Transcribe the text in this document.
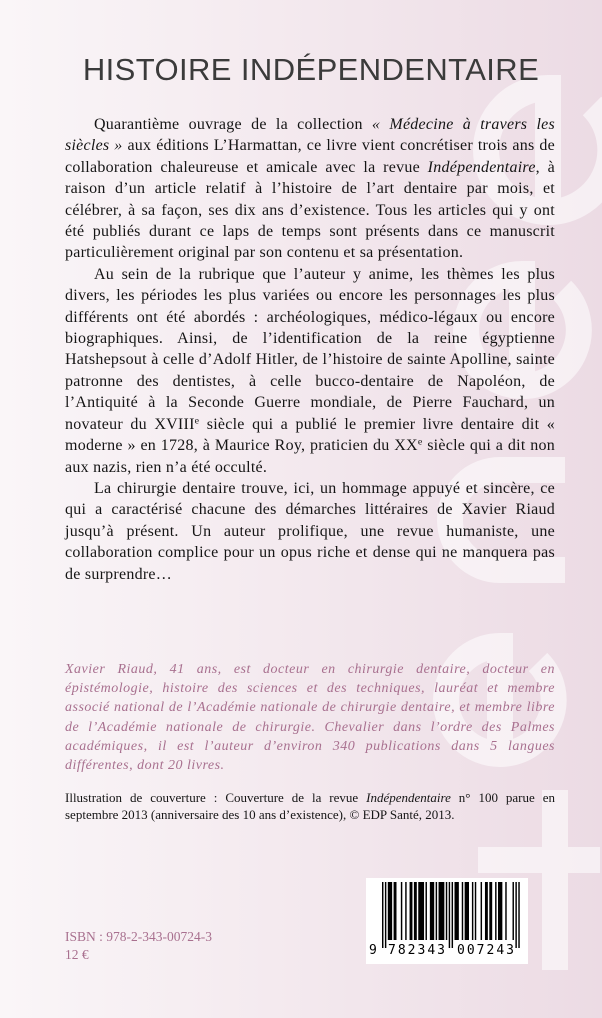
HISTOIRE INDÉPENDENTAIRE

Quarantième ouvrage de la collection « Médecine à travers les siècles » aux éditions L’Harmattan, ce livre vient concrétiser trois ans de collaboration chaleureuse et amicale avec la revue Indépendentaire, à raison d’un article relatif à l’histoire de l’art dentaire par mois, et célébrer, à sa façon, ses dix ans d’existence. Tous les articles qui y ont été publiés durant ce laps de temps sont présents dans ce manuscrit particulièrement original par son contenu et sa présentation.

Au sein de la rubrique que l’auteur y anime, les thèmes les plus divers, les périodes les plus variées ou encore les personnages les plus différents ont été abordés : archéologiques, médico-légaux ou encore biographiques. Ainsi, de l’identification de la reine égyptienne Hatshepsout à celle d’Adolf Hitler, de l’histoire de sainte Apolline, sainte patronne des dentistes, à celle bucco-dentaire de Napoléon, de l’Antiquité à la Seconde Guerre mondiale, de Pierre Fauchard, un novateur du XVIIIe siècle qui a publié le premier livre dentaire dit « moderne » en 1728, à Maurice Roy, praticien du XXe siècle qui a dit non aux nazis, rien n’a été occulté.

La chirurgie dentaire trouve, ici, un hommage appuyé et sincère, ce qui a caractérisé chacune des démarches littéraires de Xavier Riaud jusqu’à présent. Un auteur prolifique, une revue humaniste, une collaboration complice pour un opus riche et dense qui ne manquera pas de surprendre…

Xavier Riaud, 41 ans, est docteur en chirurgie dentaire, docteur en épistémologie, histoire des sciences et des techniques, lauréat et membre associé national de l’Académie nationale de chirurgie dentaire, et membre libre de l’Académie nationale de chirurgie. Chevalier dans l’ordre des Palmes académiques, il est l’auteur d’environ 340 publications dans 5 langues différentes, dont 20 livres.

Illustration de couverture : Couverture de la revue Indépendentaire n° 100 parue en septembre 2013 (anniversaire des 10 ans d’existence), © EDP Santé, 2013.

ISBN : 978-2-343-00724-3
12 €	9 782343 007243
